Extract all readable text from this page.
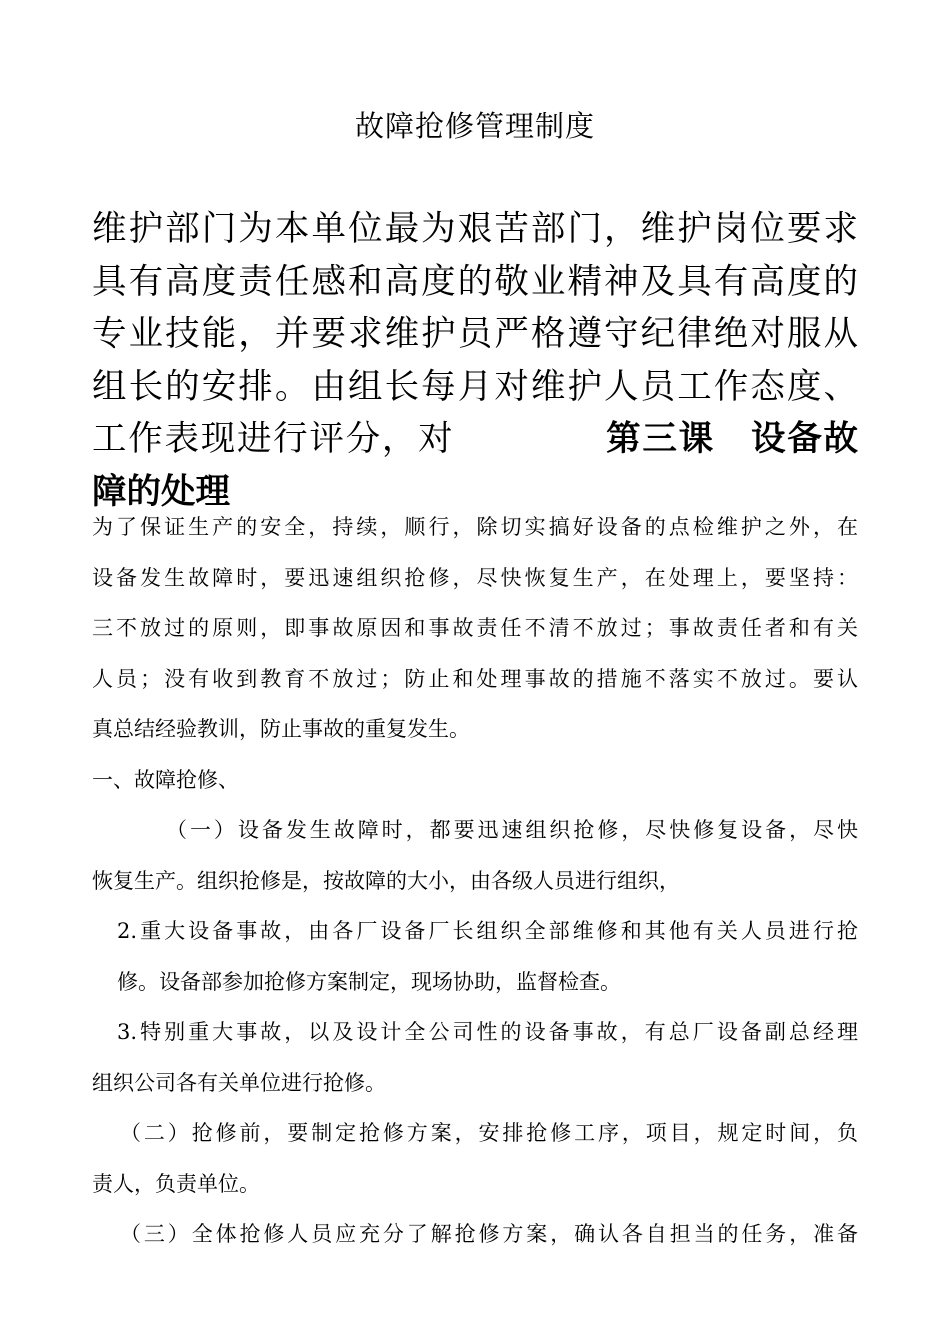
故障抢修管理制度
维护部门为本单位最为艰苦部门，维护岗位要求
具有高度责任感和高度的敬业精神及具有高度的
专业技能，并要求维护员严格遵守纪律绝对服从
组长的安排。由组长每月对维护人员工作态度、
工作表现进行评分，对	第三课　设备故
障的处理
为了保证生产的安全，持续，顺行，除切实搞好设备的点检维护之外，在
设备发生故障时，要迅速组织抢修，尽快恢复生产，在处理上，要坚持：
三不放过的原则，即事故原因和事故责任不清不放过；事故责任者和有关
人员；没有收到教育不放过；防止和处理事故的措施不落实不放过。要认
真总结经验教训，防止事故的重复发生。
一、故障抢修、
（一）设备发生故障时，都要迅速组织抢修，尽快修复设备，尽快
恢复生产。组织抢修是，按故障的大小，由各级人员进行组织，
2.重大设备事故，由各厂设备厂长组织全部维修和其他有关人员进行抢
修。设备部参加抢修方案制定，现场协助，监督检查。
3.特别重大事故，以及设计全公司性的设备事故，有总厂设备副总经理
组织公司各有关单位进行抢修。
（二）抢修前，要制定抢修方案，安排抢修工序，项目，规定时间，负
责人，负责单位。
（三）全体抢修人员应充分了解抢修方案，确认各自担当的任务，准备
